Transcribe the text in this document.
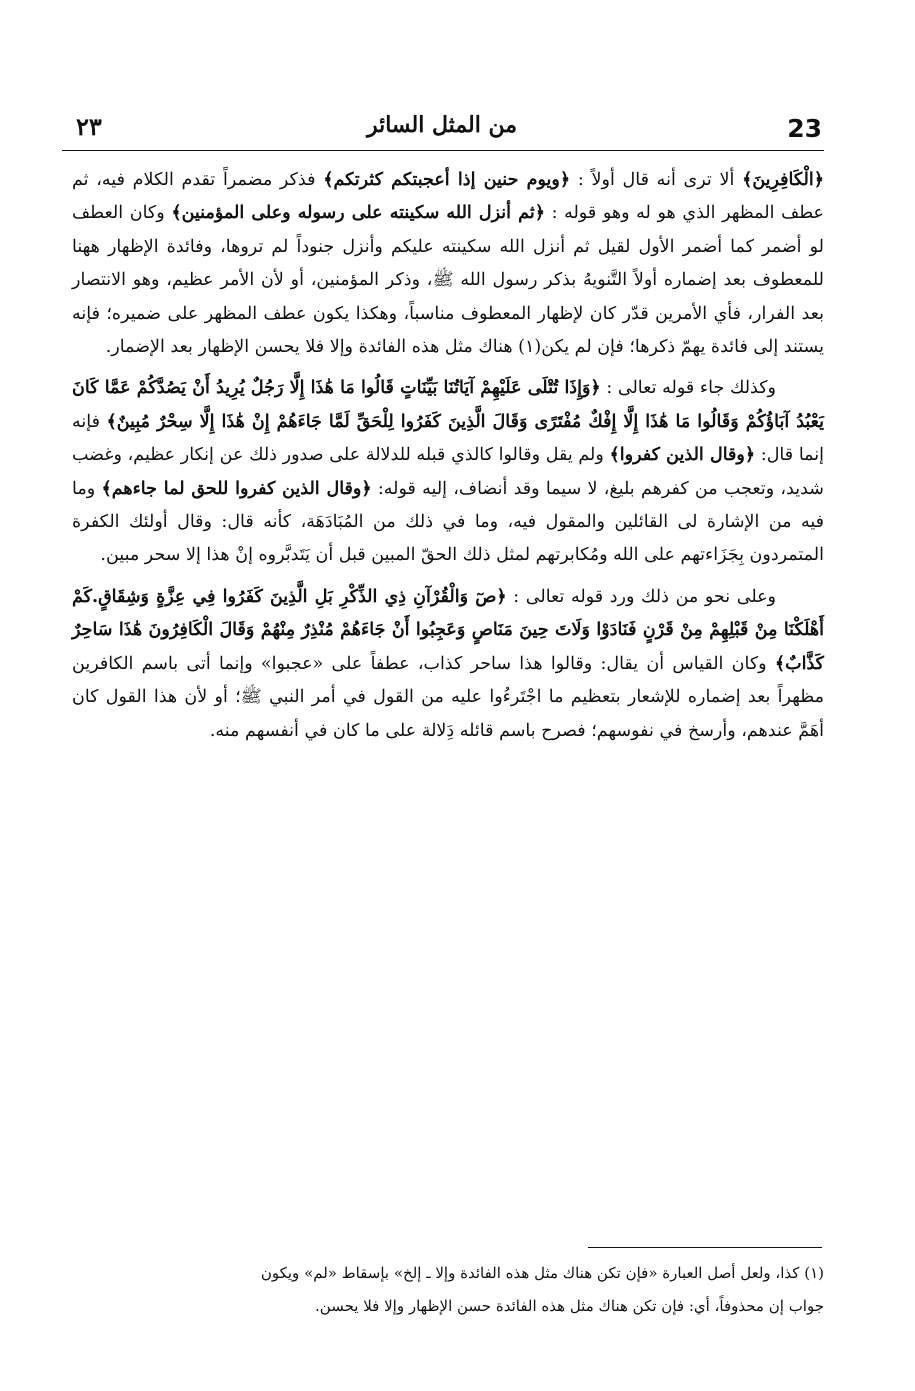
23
من المثل السائر
٢٣

﴿الْكَافِرِينَ﴾ ألا ترى أنه قال أولاً : ﴿ويوم حنين إذا أعجبتكم كثرتكم﴾ فذكر مضمراً تقدم الكلام فيه، ثم عطف المظهر الذي هو له وهو قوله : ﴿ثم أنزل الله سكينته على رسوله وعلى المؤمنين﴾ وكان العطف لو أضمر كما أضمر الأول لقيل ثم أنزل الله سكينته عليكم وأنزل جنوداً لم تروها، وفائدة الإظهار ههنا للمعطوف بعد إضماره أولاً التَّنويهُ بذكر رسول الله ﷺ، وذكر المؤمنين، أو لأن الأمر عظيم، وهو الانتصار بعد الفرار، فأي الأمرين قدّر كان لإظهار المعطوف مناسباً، وهكذا يكون عطف المظهر على ضميره؛ فإنه يستند إلى فائدة يهمّ ذكرها؛ فإن لم يكن(١) هناك مثل هذه الفائدة وإلا فلا يحسن الإظهار بعد الإضمار.

وكذلك جاء قوله تعالى : ﴿وَإِذَا تُتْلَى عَلَيْهِمْ آيَاتُنَا بَيِّنَاتٍ قَالُوا مَا هَٰذَا إِلَّا رَجُلٌ يُرِيدُ أَنْ يَصُدَّكُمْ عَمَّا كَانَ يَعْبُدُ آبَاؤُكُمْ وَقَالُوا مَا هَٰذَا إِلَّا إِفْكٌ مُفْتَرًى وَقَالَ الَّذِينَ كَفَرُوا لِلْحَقِّ لَمَّا جَاءَهُمْ إِنْ هَٰذَا إِلَّا سِحْرٌ مُبِينٌ﴾ فإنه إنما قال: ﴿وقال الذين كفروا﴾ ولم يقل وقالوا كالذي قبله للدلالة على صدور ذلك عن إنكار عظيم، وغضب شديد، وتعجب من كفرهم بليغ، لا سيما وقد أنضاف، إليه قوله: ﴿وقال الذين كفروا للحق لما جاءهم﴾ وما فيه من الإشارة لى القائلين والمقول فيه، وما في ذلك من المُبَادَهَة، كأنه قال: وقال أولئك الكفرة المتمردون بِجَزَاءتهم على الله ومُكابرتهم لمثل ذلك الحقّ المبين قبل أن يَتَدبَّروه إنْ هذا إلا سحر مبين.

وعلى نحو من ذلك ورد قوله تعالى : ﴿صٓ وَالْقُرْآنِ ذِي الذِّكْرِ بَلِ الَّذِينَ كَفَرُوا فِي عِزَّةٍ وَشِقَاقٍ.كَمْ أَهْلَكْنَا مِنْ قَبْلِهِمْ مِنْ قَرْنٍ فَنَادَوْا وَلَاتَ حِينَ مَنَاصٍ وَعَجِبُوا أَنْ جَاءَهُمْ مُنْذِرٌ مِنْهُمْ وَقَالَ الْكَافِرُونَ هَٰذَا سَاحِرٌ كَذَّابٌ﴾ وكان القياس أن يقال: وقالوا هذا ساحر كذاب، عطفاً على «عجبوا» وإنما أتى باسم الكافرين مظهراً بعد إضماره للإشعار بتعظيم ما اجْتَرءُوا عليه من القول في أمر النبي ﷺ؛ أو لأن هذا القول كان أهَمَّ عندهم، وأرسخ في نفوسهم؛ فصرح باسم قائله دَِلالة على ما كان في أنفسهم منه.

(١) كذا، ولعل أصل العبارة «فإن تكن هناك مثل هذه الفائدة وإلا ـ إلخ» بإسقاط «لم» ويكون

جواب إن محذوفاً، أي: فإن تكن هناك مثل هذه الفائدة حسن الإظهار وإلا فلا يحسن.
